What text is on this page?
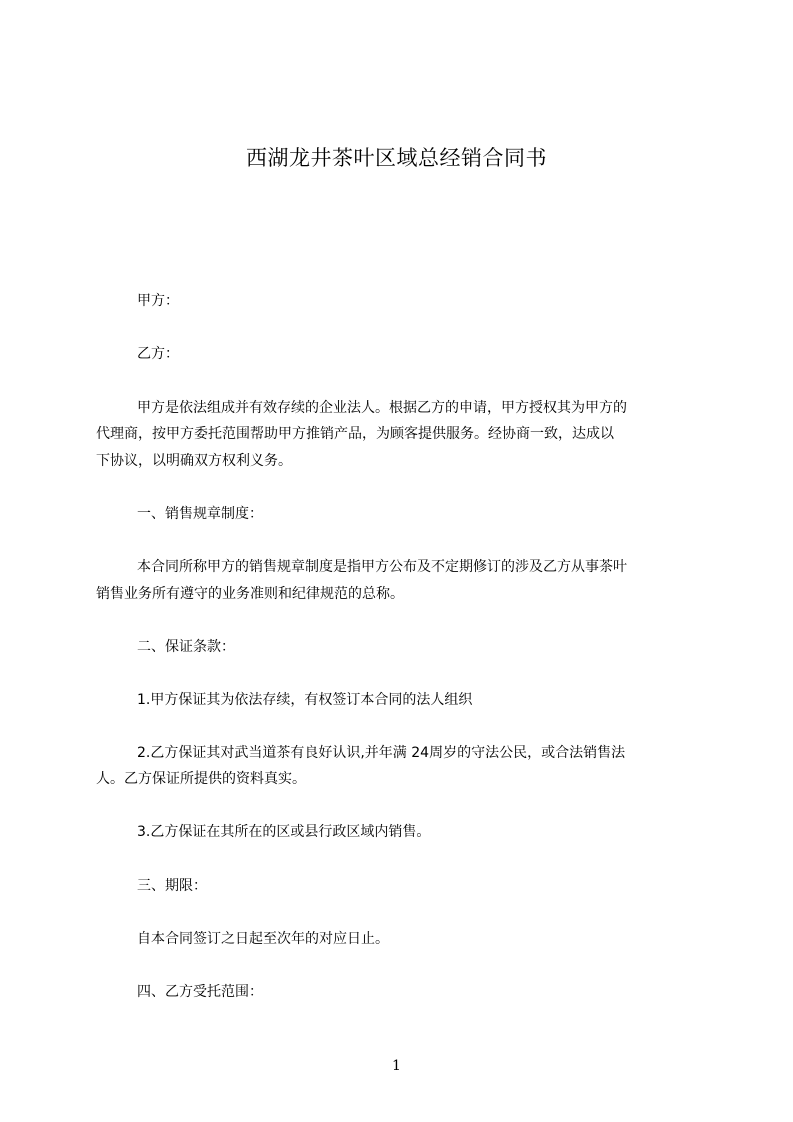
西湖龙井茶叶区域总经销合同书
甲方：
乙方：
甲方是依法组成并有效存续的企业法人。根据乙方的申请，甲方授权其为甲方的
代理商，按甲方委托范围帮助甲方推销产品，为顾客提供服务。经协商一致，达成以
下协议，以明确双方权利义务。
一、销售规章制度：
本合同所称甲方的销售规章制度是指甲方公布及不定期修订的涉及乙方从事茶叶
销售业务所有遵守的业务准则和纪律规范的总称。
二、保证条款：
1.甲方保证其为依法存续，有权签订本合同的法人组织
2.乙方保证其对武当道茶有良好认识,并年满 24周岁的守法公民，或合法销售法
人。乙方保证所提供的资料真实。
3.乙方保证在其所在的区或县行政区域内销售。
三、期限：
自本合同签订之日起至次年的对应日止。
四、乙方受托范围：
1
